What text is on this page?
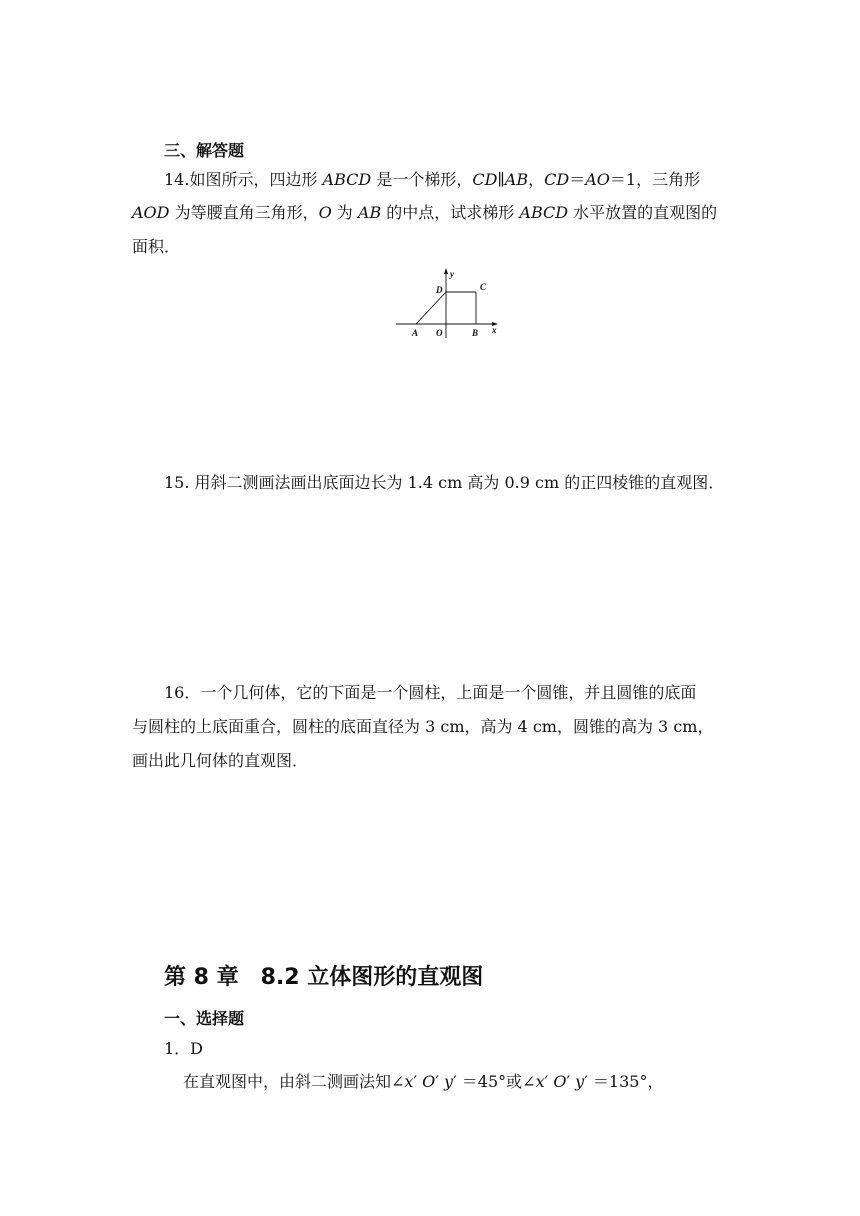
三、解答题
14.如图所示，四边形 ABCD 是一个梯形，CD∥AB，CD＝AO＝1，三角形
AOD 为等腰直角三角形，O 为 AB 的中点，试求梯形 ABCD 水平放置的直观图的
面积．
A O	B
D	C
x
y
15. 用斜二测画法画出底面边长为 1.4 cm 高为 0.9 cm 的正四棱锥的直观图．
16．一个几何体，它的下面是一个圆柱，上面是一个圆锥，并且圆锥的底面
与圆柱的上底面重合，圆柱的底面直径为 3 cm，高为 4 cm，圆锥的高为 3 cm，
画出此几何体的直观图．
第 8 章　8.2 立体图形的直观图
一、选择题
1．D
在直观图中，由斜二测画法知∠x′ O′ y′ ＝45°或∠x′ O′ y′ ＝135°，
